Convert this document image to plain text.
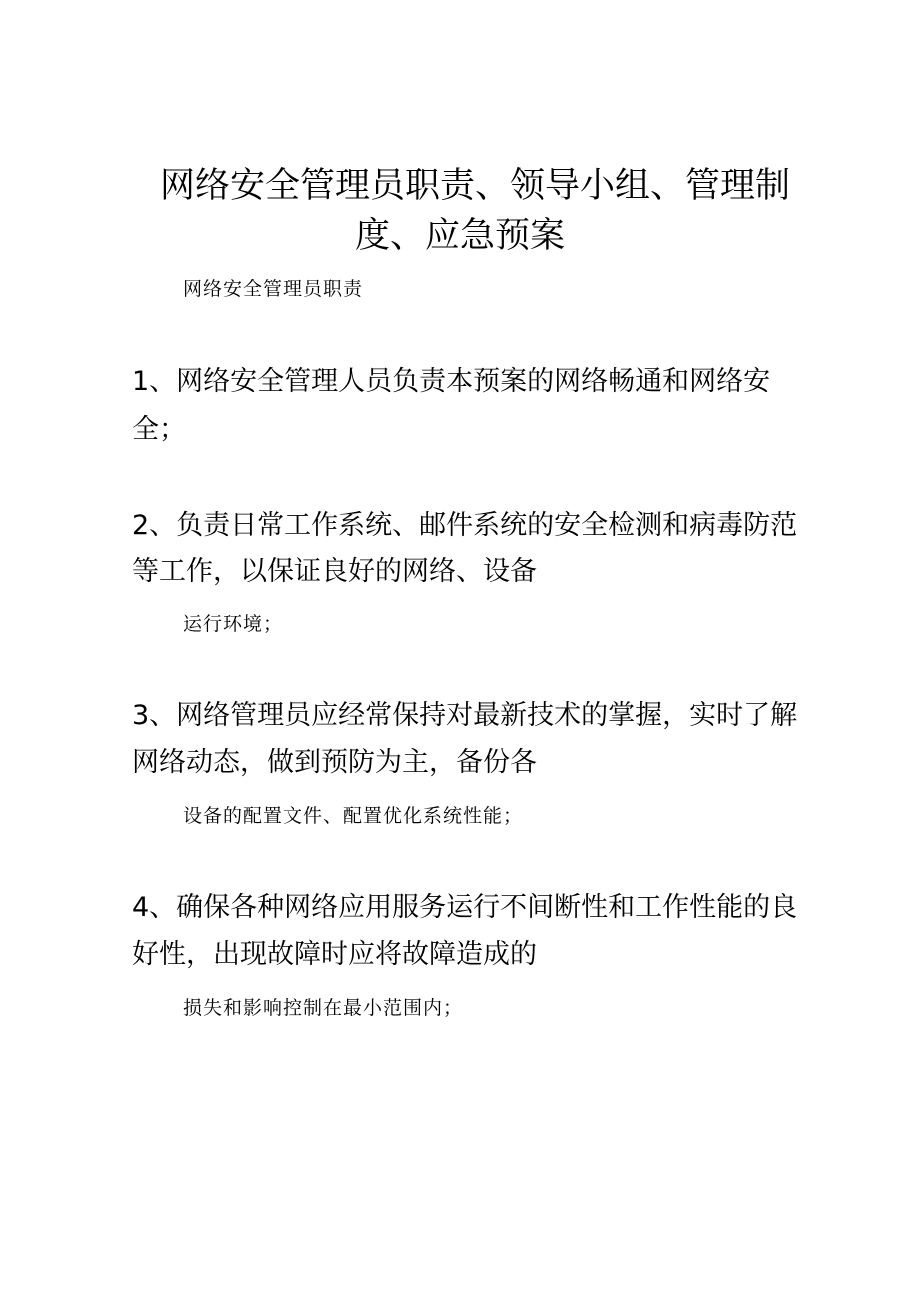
网络安全管理员职责、领导小组、管理制
度、应急预案
网络安全管理员职责
1、网络安全管理人员负责本预案的网络畅通和网络安
全；
2、负责日常工作系统、邮件系统的安全检测和病毒防范
等工作，以保证良好的网络、设备
运行环境；
3、网络管理员应经常保持对最新技术的掌握，实时了解
网络动态，做到预防为主，备份各
设备的配置文件、配置优化系统性能；
4、确保各种网络应用服务运行不间断性和工作性能的良
好性，出现故障时应将故障造成的
损失和影响控制在最小范围内；
